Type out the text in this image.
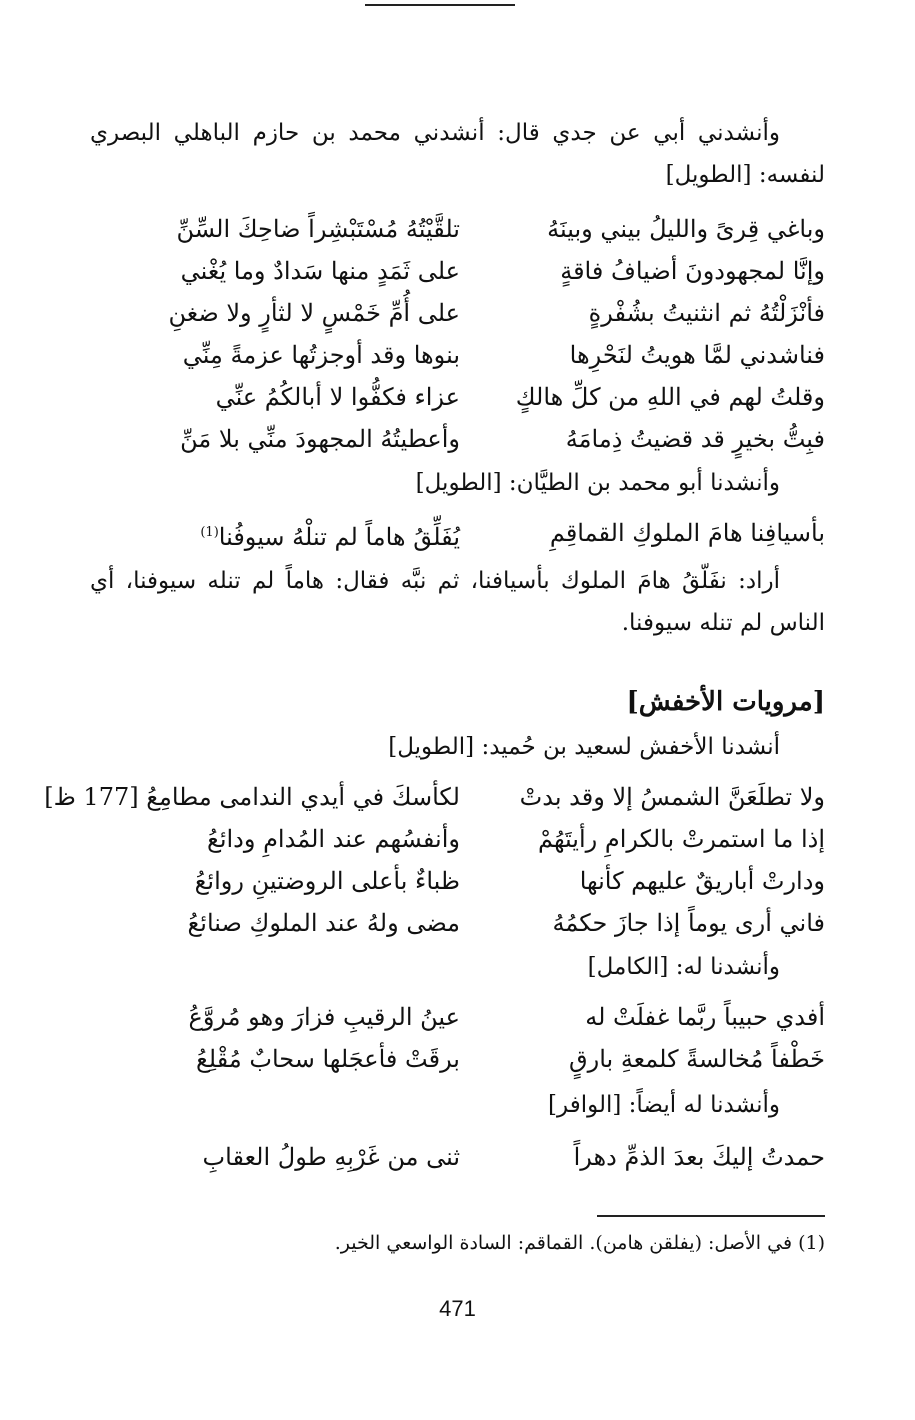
وأنشدني أبي عن جدي قال: أنشدني محمد بن حازم الباهلي البصري لنفسه: [الطويل]
وباغي قِرىً والليلُ بيني وبينَهُ
تلقَّيْتُهُ مُسْتَبْشِراً ضاحِكَ السِّنِّ
وإنَّا لمجهودونَ أضيافُ فاقةٍ
على ثَمَدٍ منها سَدادٌ وما يُغْني
فأنْزَلْتُهُ ثم انثنيتُ بشُفْرةٍ
على أُمِّ خَمْسٍ لا لثأرٍ ولا ضغنِ
فناشدني لمَّا هويتُ لنَحْرِها
بنوها وقد أوجزتُها عزمةً مِنِّي
وقلتُ لهم في اللهِ من كلِّ هالكٍ
عزاء فكفُّوا لا أبالكُمُ عنِّي
فبِتُّ بخيرٍ قد قضيتُ ذِمامَهُ
وأعطيتُهُ المجهودَ منِّي بلا مَنِّ
وأنشدنا أبو محمد بن الطيَّان: [الطويل]
بأسيافِنا هامَ الملوكِ القماقِمِ
يُفَلِّقُ هاماً لم تنلْهُ سيوفُنا$^{(1)}$
أراد: نفَلّقُ هامَ الملوك بأسيافنا، ثم نبَّه فقال: هاماً لم تنله سيوفنا، أي الناس لم تنله سيوفنا.
[مرويات الأخفش]
أنشدنا الأخفش لسعيد بن حُميد: [الطويل]
ولا تطلَعَنَّ الشمسُ إلا وقد بدتْ
لكأسكَ في أيدي الندامى مطامِعُ [177 ظ]
إذا ما استمرتْ بالكرامِ رأيتَهُمْ
وأنفسُهم عند المُدامِ ودائعُ
ودارتْ أباريقٌ عليهم كأنها
ظباءٌ بأعلى الروضتينِ روائعُ
فاني أرى يوماً إذا جازَ حكمُهُ
مضى ولهُ عند الملوكِ صنائعُ
وأنشدنا له: [الكامل]
أفدي حبيباً ربَّما غفلَتْ له
عينُ الرقيبِ فزارَ وهو مُروَّعُ
خَطْفاً مُخالسةً كلمعةِ بارقٍ
برقَتْ فأعجَلها سحابٌ مُقْلِعُ
وأنشدنا له أيضاً: [الوافر]
حمدتُ إليكَ بعدَ الذمِّ دهراً
ثنى من غَرْبِهِ طولُ العقابِ
(1) في الأصل: (يفلقن هامن). القماقم: السادة الواسعي الخير.
471
